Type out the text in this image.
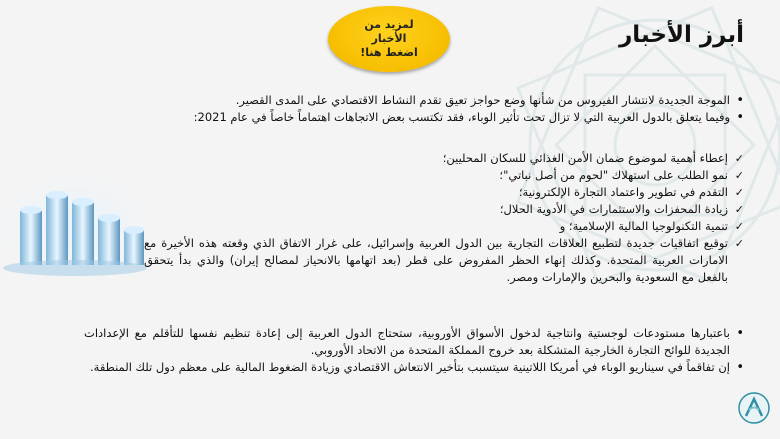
أبرز الأخبار
لمزيد من
الأخبار
اضغط هنا!
• الموجة الجديدة لانتشار الفيروس من شأنها وضع حواجز تعيق تقدم النشاط الاقتصادي على المدى القصير.
• وفيما يتعلق بالدول العربية التي لا تزال تحت تأثير الوباء، فقد تكتسب بعض الاتجاهات اهتماماً خاصاً في عام 2021:
✓ إعطاء أهمية لموضوع ضمان الأمن الغذائي للسكان المحليين؛
✓ نمو الطلب على استهلاك "لحوم من أصل نباتي"؛
✓ التقدم في تطوير واعتماد التجارة الإلكترونية؛
✓ زيادة المحفزات والاستثمارات في الأدوية الحلال؛
✓ تنمية التكنولوجيا المالية الإسلامية؛ و
✓ توقيع اتفاقيات جديدة لتطبيع العلاقات التجارية بين الدول العربية وإسرائيل، على غرار الاتفاق الذي وقعته هذه الأخيرة مع الامارات العربية المتحدة. وكذلك إنهاء الحظر المفروض على قطر (بعد اتهامها بالانحياز لمصالح إيران) والذي بدأ يتحقق بالفعل مع السعودية والبحرين والإمارات ومصر.
• باعتبارها مستودعات لوجستية وانتاجية لدخول الأسواق الأوروبية، ستحتاج الدول العربية إلى إعادة تنظيم نفسها للتأقلم مع الإعدادات الجديدة للوائح التجارة الخارجية المتشكلة بعد خروج المملكة المتحدة من الاتحاد الأوروبي.
• إن تفاقماً في سيناريو الوباء في أمريكا اللاتينية سيتسبب بتأخير الانتعاش الاقتصادي وزيادة الضغوط المالية على معظم دول تلك المنطقة.
